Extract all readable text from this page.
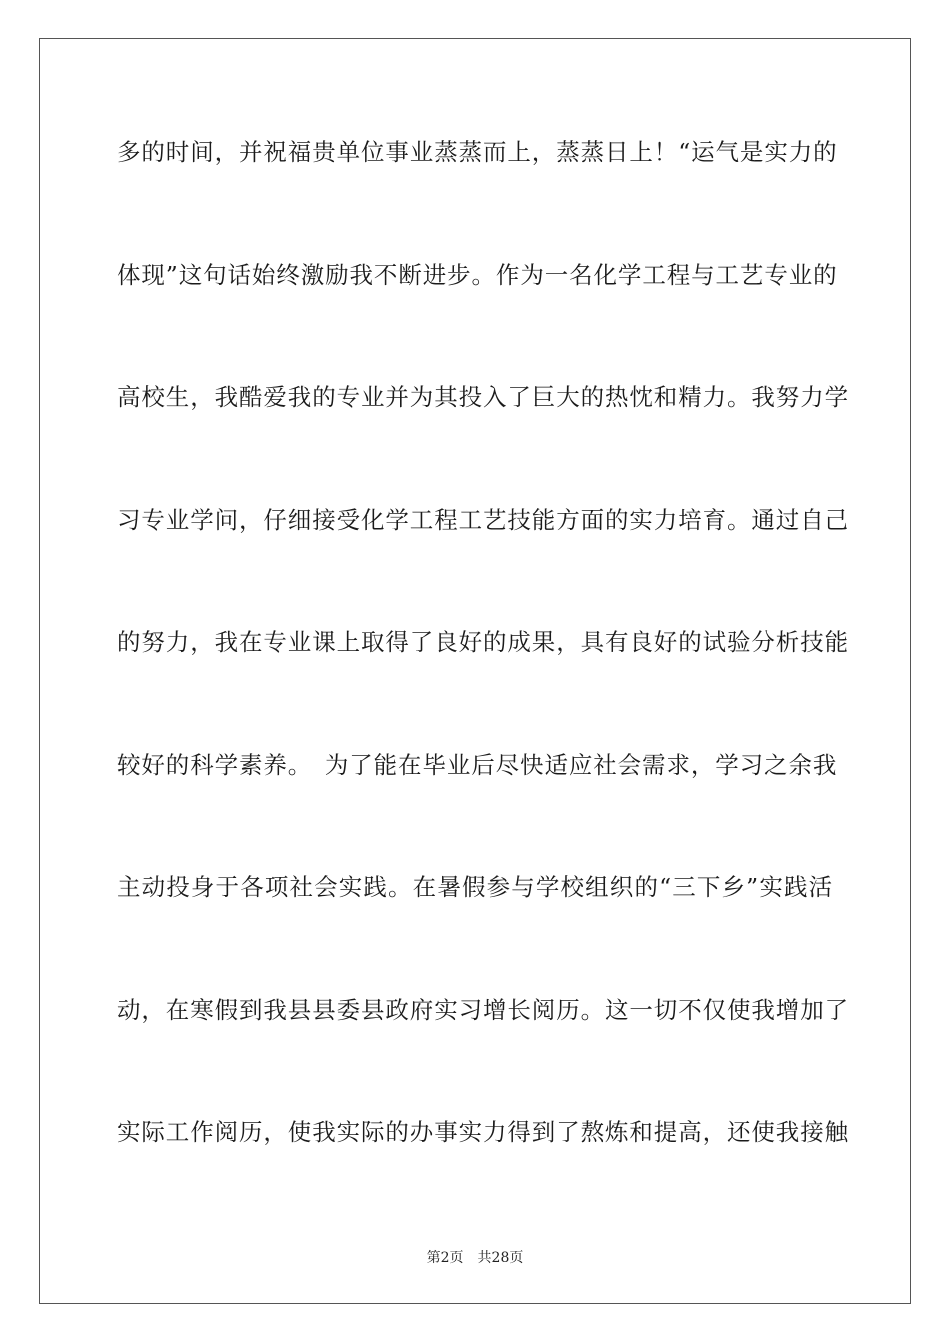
多的时间，并祝福贵单位事业蒸蒸而上，蒸蒸日上！“运气是实力的
体现”这句话始终激励我不断进步。作为一名化学工程与工艺专业的
高校生，我酷爱我的专业并为其投入了巨大的热忱和精力。我努力学
习专业学问，仔细接受化学工程工艺技能方面的实力培育。通过自己
的努力，我在专业课上取得了良好的成果，具有良好的试验分析技能
较好的科学素养。　为了能在毕业后尽快适应社会需求，学习之余我
主动投身于各项社会实践。在暑假参与学校组织的“三下乡”实践活
动，在寒假到我县县委县政府实习增长阅历。这一切不仅使我增加了
实际工作阅历，使我实际的办事实力得到了熬炼和提高，还使我接触
第2页　共28页
